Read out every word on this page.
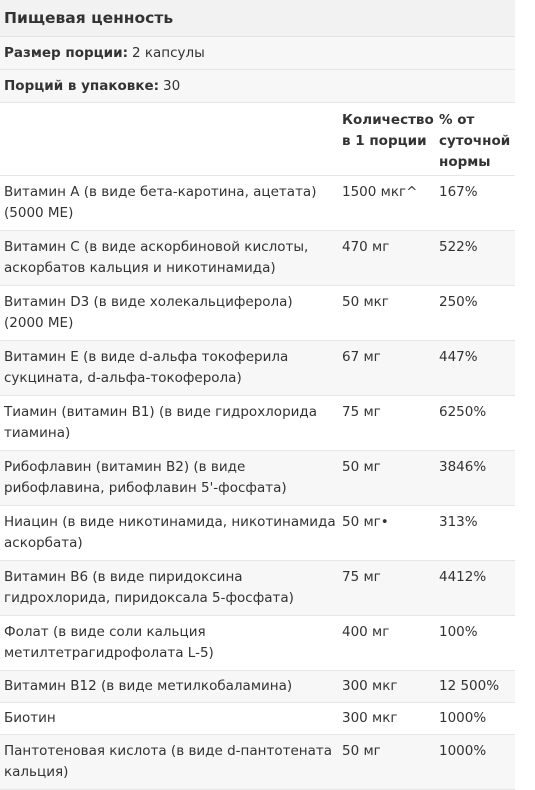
Пищевая ценность
Размер порции: 2 капсулы
Порций в упаковке: 30
Количество
в 1 порции
% от
суточной
нормы
Витамин A (в виде бета-каротина, ацетата)
(5000 МЕ)
1500 мкг^	167%
Витамин C (в виде аскорбиновой кислоты,
аскорбатов кальция и никотинамида)
470 мг	522%
Витамин D3 (в виде холекальциферола)
(2000 МЕ)
50 мкг	250%
Витамин E (в виде d-альфа токоферила
сукцината, d-альфа-токоферола)
67 мг	447%
Тиамин (витамин B1) (в виде гидрохлорида
тиамина)
75 мг	6250%
Рибофлавин (витамин B2) (в виде
рибофлавина, рибофлавин 5'-фосфата)
50 мг	3846%
Ниацин (в виде никотинамида, никотинамида
аскорбата)
50 мг•	313%
Витамин B6 (в виде пиридоксина
гидрохлорида, пиридоксала 5-фосфата)
75 мг	4412%
Фолат (в виде соли кальция
метилтетрагидрофолата L-5)
400 мг	100%
Витамин B12 (в виде метилкобаламина)	300 мкг	12 500%
Биотин	300 мкг	1000%
Пантотеновая кислота (в виде d-пантотената
кальция)
50 мг	1000%
